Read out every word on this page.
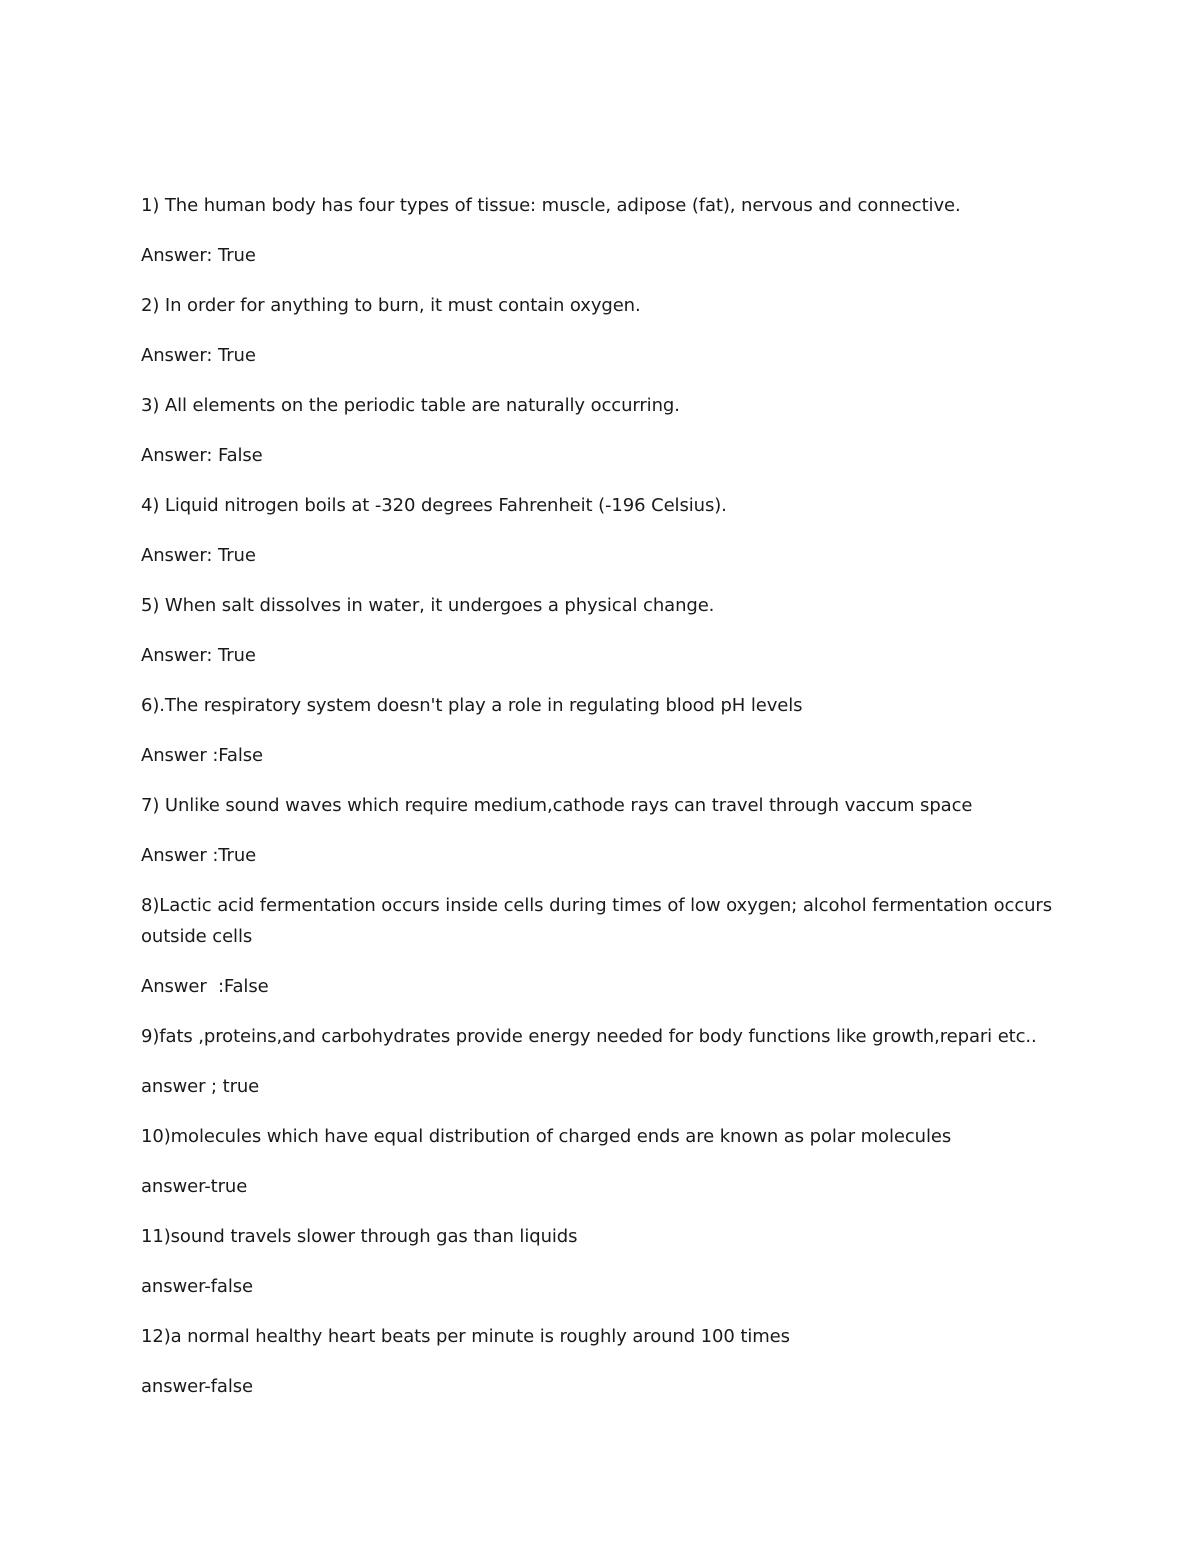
1) The human body has four types of tissue: muscle, adipose (fat), nervous and connective.

Answer: True

2) In order for anything to burn, it must contain oxygen.

Answer: True

3) All elements on the periodic table are naturally occurring.

Answer: False

4) Liquid nitrogen boils at -320 degrees Fahrenheit (-196 Celsius).

Answer: True

5) When salt dissolves in water, it undergoes a physical change.

Answer: True

6).The respiratory system doesn't play a role in regulating blood pH levels

Answer :False

7) Unlike sound waves which require medium,cathode rays can travel through vaccum space

Answer :True

8)Lactic acid fermentation occurs inside cells during times of low oxygen; alcohol fermentation occurs outside cells

Answer  :False

9)fats ,proteins,and carbohydrates provide energy needed for body functions like growth,repari etc..

answer ; true

10)molecules which have equal distribution of charged ends are known as polar molecules

answer-true

11)sound travels slower through gas than liquids

answer-false

12)a normal healthy heart beats per minute is roughly around 100 times

answer-false
